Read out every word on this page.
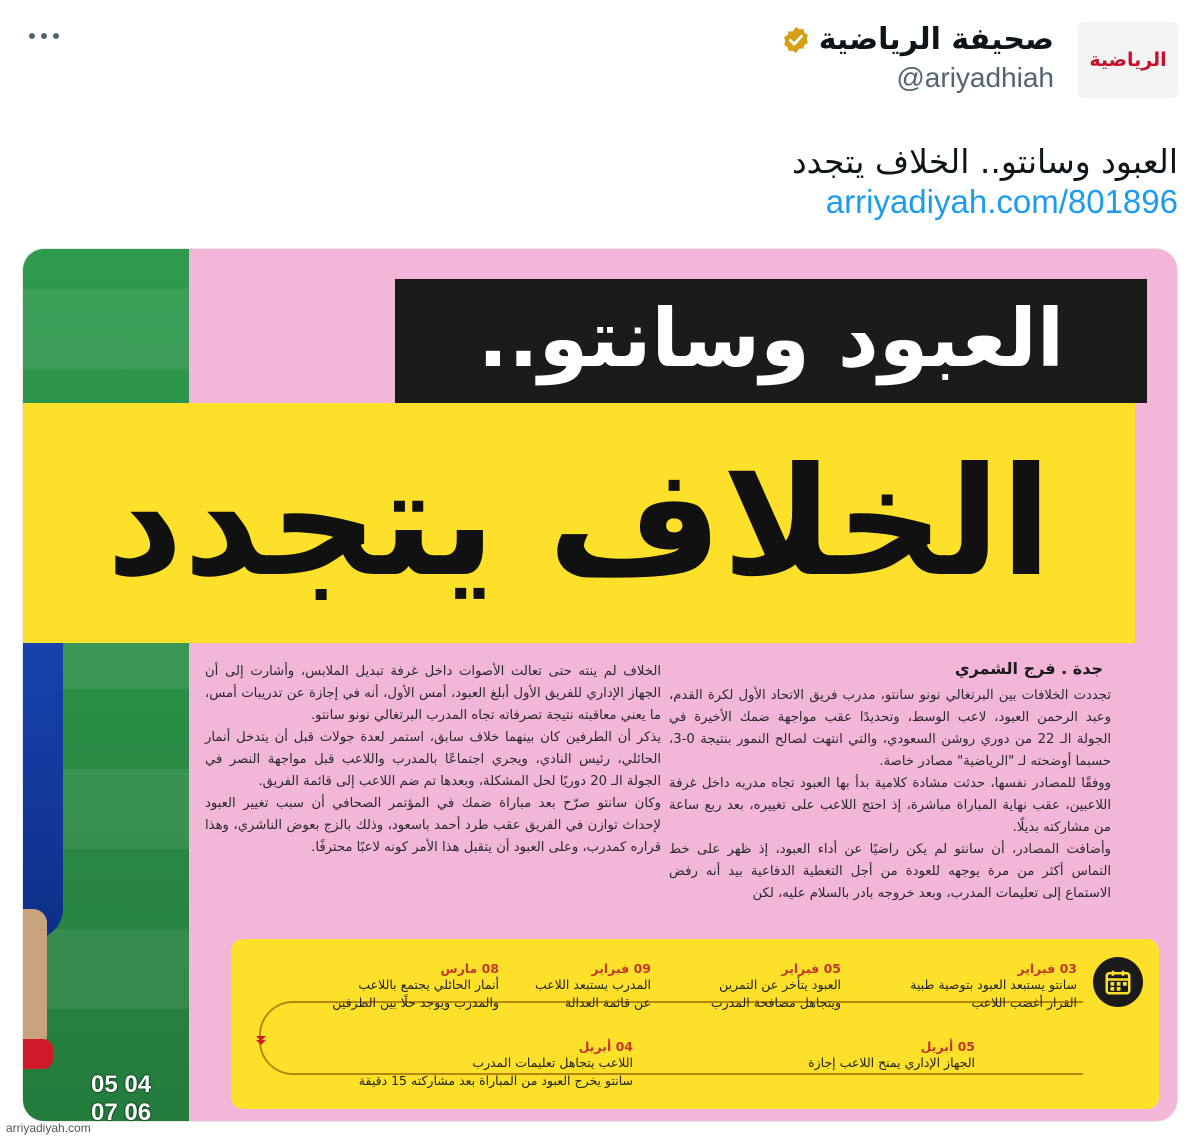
الرياضية
صحيفة الرياضية
@ariyadhiah
العبود وسانتو.. الخلاف يتجدد
arriyadiyah.com/801896
05 04
07 06
العبود وسانتو..
الخلاف يتجدد
جدة . فرج الشمري

تجددت الخلافات بين البرتغالي نونو سانتو، مدرب فريق الاتحاد الأول لكرة القدم، وعبد الرحمن العبود، لاعب الوسط، وتحديدًا عقب مواجهة ضمك الأخيرة في الجولة الـ 22 من دوري روشن السعودي، والتي انتهت لصالح النمور بنتيجة 0-3، حسبما أوضحته لـ "الرياضية" مصادر خاصة.

ووفقًا للمصادر نفسها، حدثت مشادة كلامية بدأ بها العبود تجاه مدربه داخل غرفة اللاعبين، عقب نهاية المباراة مباشرة، إذ احتج اللاعب على تغييره، بعد ربع ساعة من مشاركته بديلًا.

وأضافت المصادر، أن سانتو لم يكن راضيًا عن أداء العبود، إذ ظهر على خط التماس أكثر من مرة يوجهه للعودة من أجل التغطية الدفاعية بيد أنه رفض الاستماع إلى تعليمات المدرب، وبعد خروجه بادر بالسلام عليه، لكن

الخلاف لم ينته حتى تعالت الأصوات داخل غرفة تبديل الملابس، وأشارت إلى أن الجهاز الإداري للفريق الأول أبلغ العبود، أمس الأول، أنه في إجازة عن تدريبات أمس، ما يعني معاقبته نتيجة تصرفاته تجاه المدرب البرتغالي نونو سانتو.

يذكر أن الطرفين كان بينهما خلاف سابق، استمر لعدة جولات قبل أن يتدخل أنمار الحائلي، رئيس النادي، ويجري اجتماعًا بالمدرب واللاعب قبل مواجهة النصر في الجولة الـ 20 دوريًا لحل المشكلة، وبعدها تم ضم اللاعب إلى قائمة الفريق.

وكان سانتو صرّح بعد مباراة ضمك في المؤتمر الصحافي أن سبب تغيير العبود لإحداث توازن في الفريق عقب طرد أحمد باسعود، وذلك بالزج بعوض الناشري، وهذا قراره كمدرب، وعلى العبود أن يتقبل هذا الأمر كونه لاعبًا محترفًا.

03 فبراير
سانتو يستبعد العبود بتوصية طبية
القرار أغضب اللاعب
05 فبراير
العبود يتأخر عن التمرين
ويتجاهل مصافحة المدرب
09 فبراير
المدرب يستبعد اللاعب
عن قائمة العدالة
08 مارس
أنمار الحائلي يجتمع باللاعب
والمدرب ويوجد حلًا بين الطرفين
04 أبريل
اللاعب يتجاهل تعليمات المدرب
سانتو يخرج العبود من المباراة بعد مشاركته 15 دقيقة
05 أبريل
الجهاز الإداري يمنح اللاعب إجازة
arriyadiyah.com
